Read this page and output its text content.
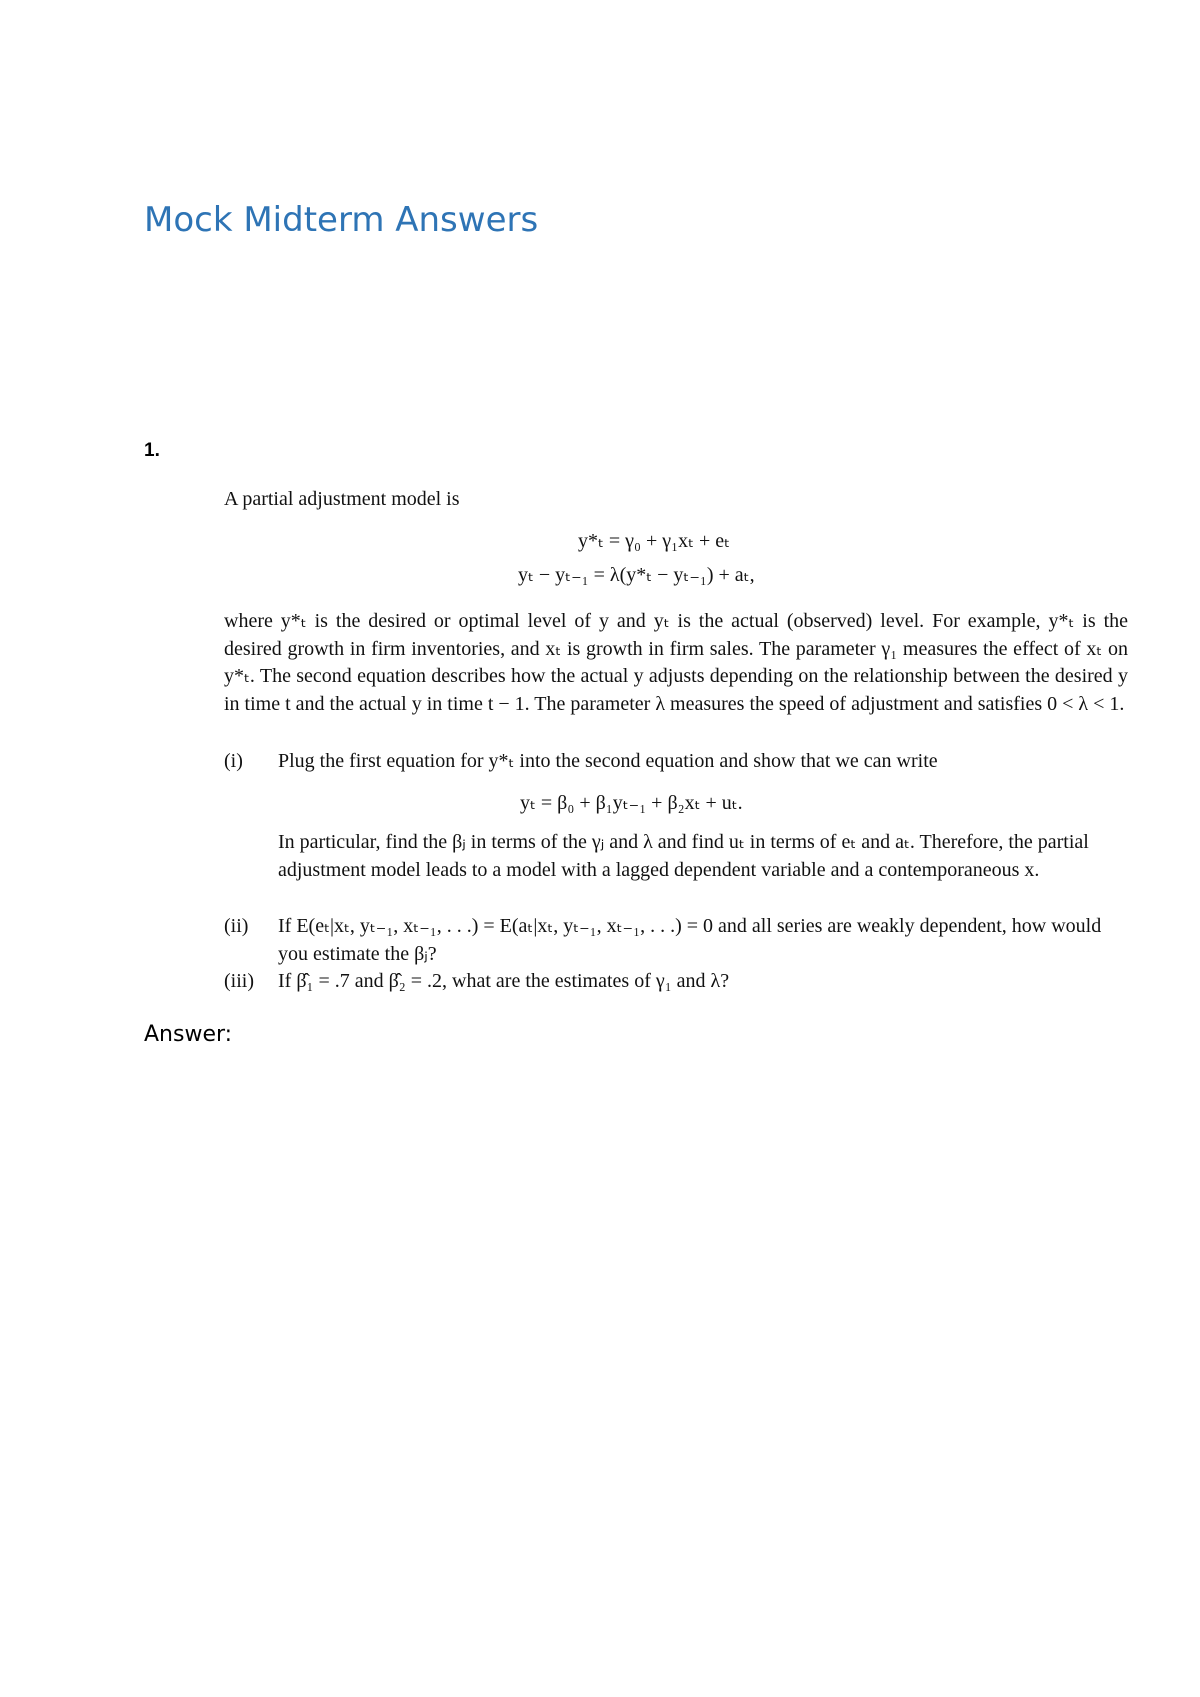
Mock Midterm Answers
1.
A partial adjustment model is
y*ₜ = γ₀ + γ₁xₜ + eₜ
yₜ − yₜ₋₁ = λ(y*ₜ − yₜ₋₁) + aₜ,
where y*ₜ is the desired or optimal level of y and yₜ is the actual (observed) level. For example, y*ₜ is the desired growth in firm inventories, and xₜ is growth in firm sales. The parameter γ₁ measures the effect of xₜ on y*ₜ. The second equation describes how the actual y adjusts depending on the relationship between the desired y in time t and the actual y in time t − 1. The parameter λ measures the speed of adjustment and satisfies 0 < λ < 1.
(i) Plug the first equation for y*ₜ into the second equation and show that we can write
yₜ = β₀ + β₁yₜ₋₁ + β₂xₜ + uₜ.
In particular, find the βⱼ in terms of the γⱼ and λ and find uₜ in terms of eₜ and aₜ. Therefore, the partial adjustment model leads to a model with a lagged dependent variable and a contemporaneous x.
(ii) If E(eₜ|xₜ, yₜ₋₁, xₜ₋₁, . . .) = E(aₜ|xₜ, yₜ₋₁, xₜ₋₁, . . .) = 0 and all series are weakly dependent, how would you estimate the βⱼ?
(iii) If β̂₁ = .7 and β̂₂ = .2, what are the estimates of γ₁ and λ?
Answer:
